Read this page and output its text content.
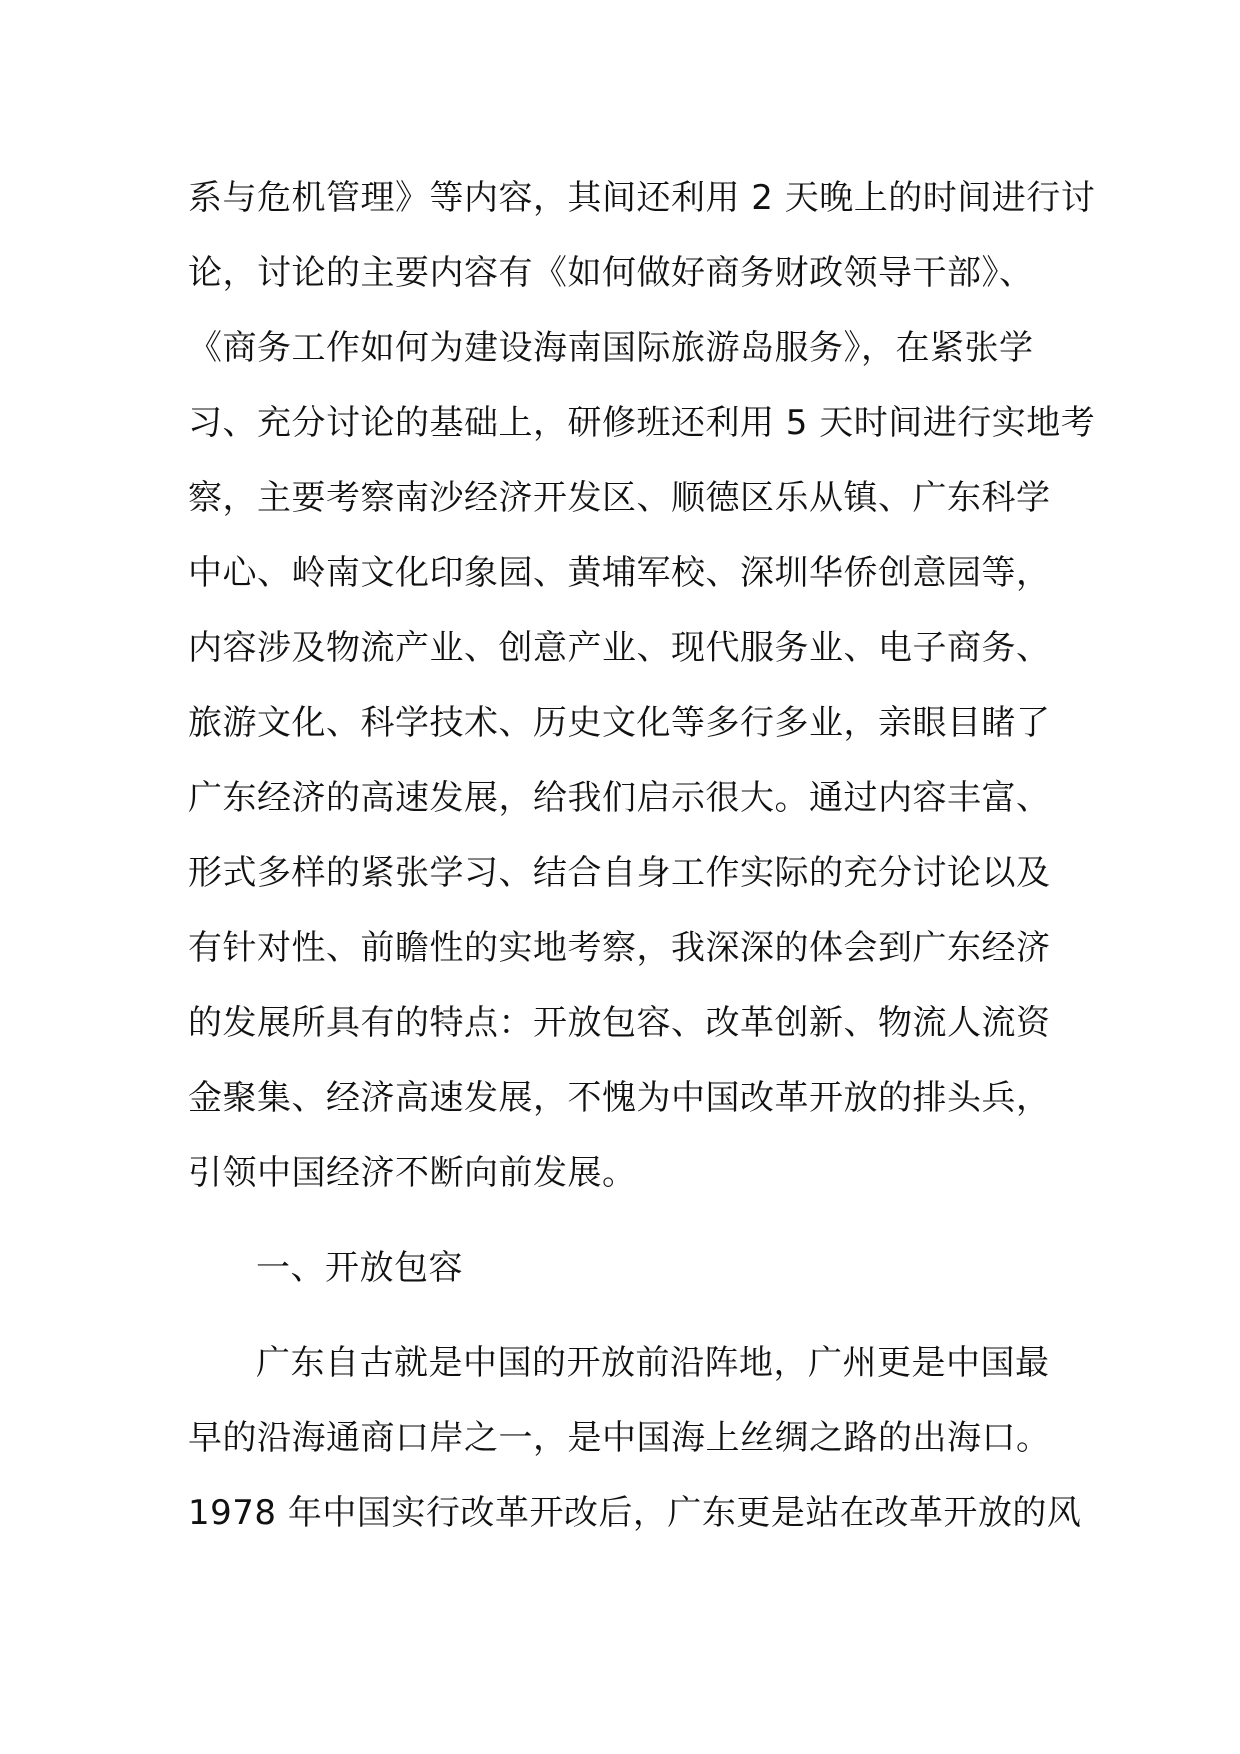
系与危机管理》等内容，其间还利用 2 天晚上的时间进行讨
论，讨论的主要内容有《如何做好商务财政领导干部》、
《商务工作如何为建设海南国际旅游岛服务》，在紧张学
习、充分讨论的基础上，研修班还利用 5 天时间进行实地考
察，主要考察南沙经济开发区、顺德区乐从镇、广东科学
中心、岭南文化印象园、黄埔军校、深圳华侨创意园等，
内容涉及物流产业、创意产业、现代服务业、电子商务、
旅游文化、科学技术、历史文化等多行多业，亲眼目睹了
广东经济的高速发展，给我们启示很大。通过内容丰富、
形式多样的紧张学习、结合自身工作实际的充分讨论以及
有针对性、前瞻性的实地考察，我深深的体会到广东经济
的发展所具有的特点：开放包容、改革创新、物流人流资
金聚集、经济高速发展，不愧为中国改革开放的排头兵，
引领中国经济不断向前发展。
一、开放包容
广东自古就是中国的开放前沿阵地，广州更是中国最
早的沿海通商口岸之一，是中国海上丝绸之路的出海口。
1978 年中国实行改革开改后，广东更是站在改革开放的风
